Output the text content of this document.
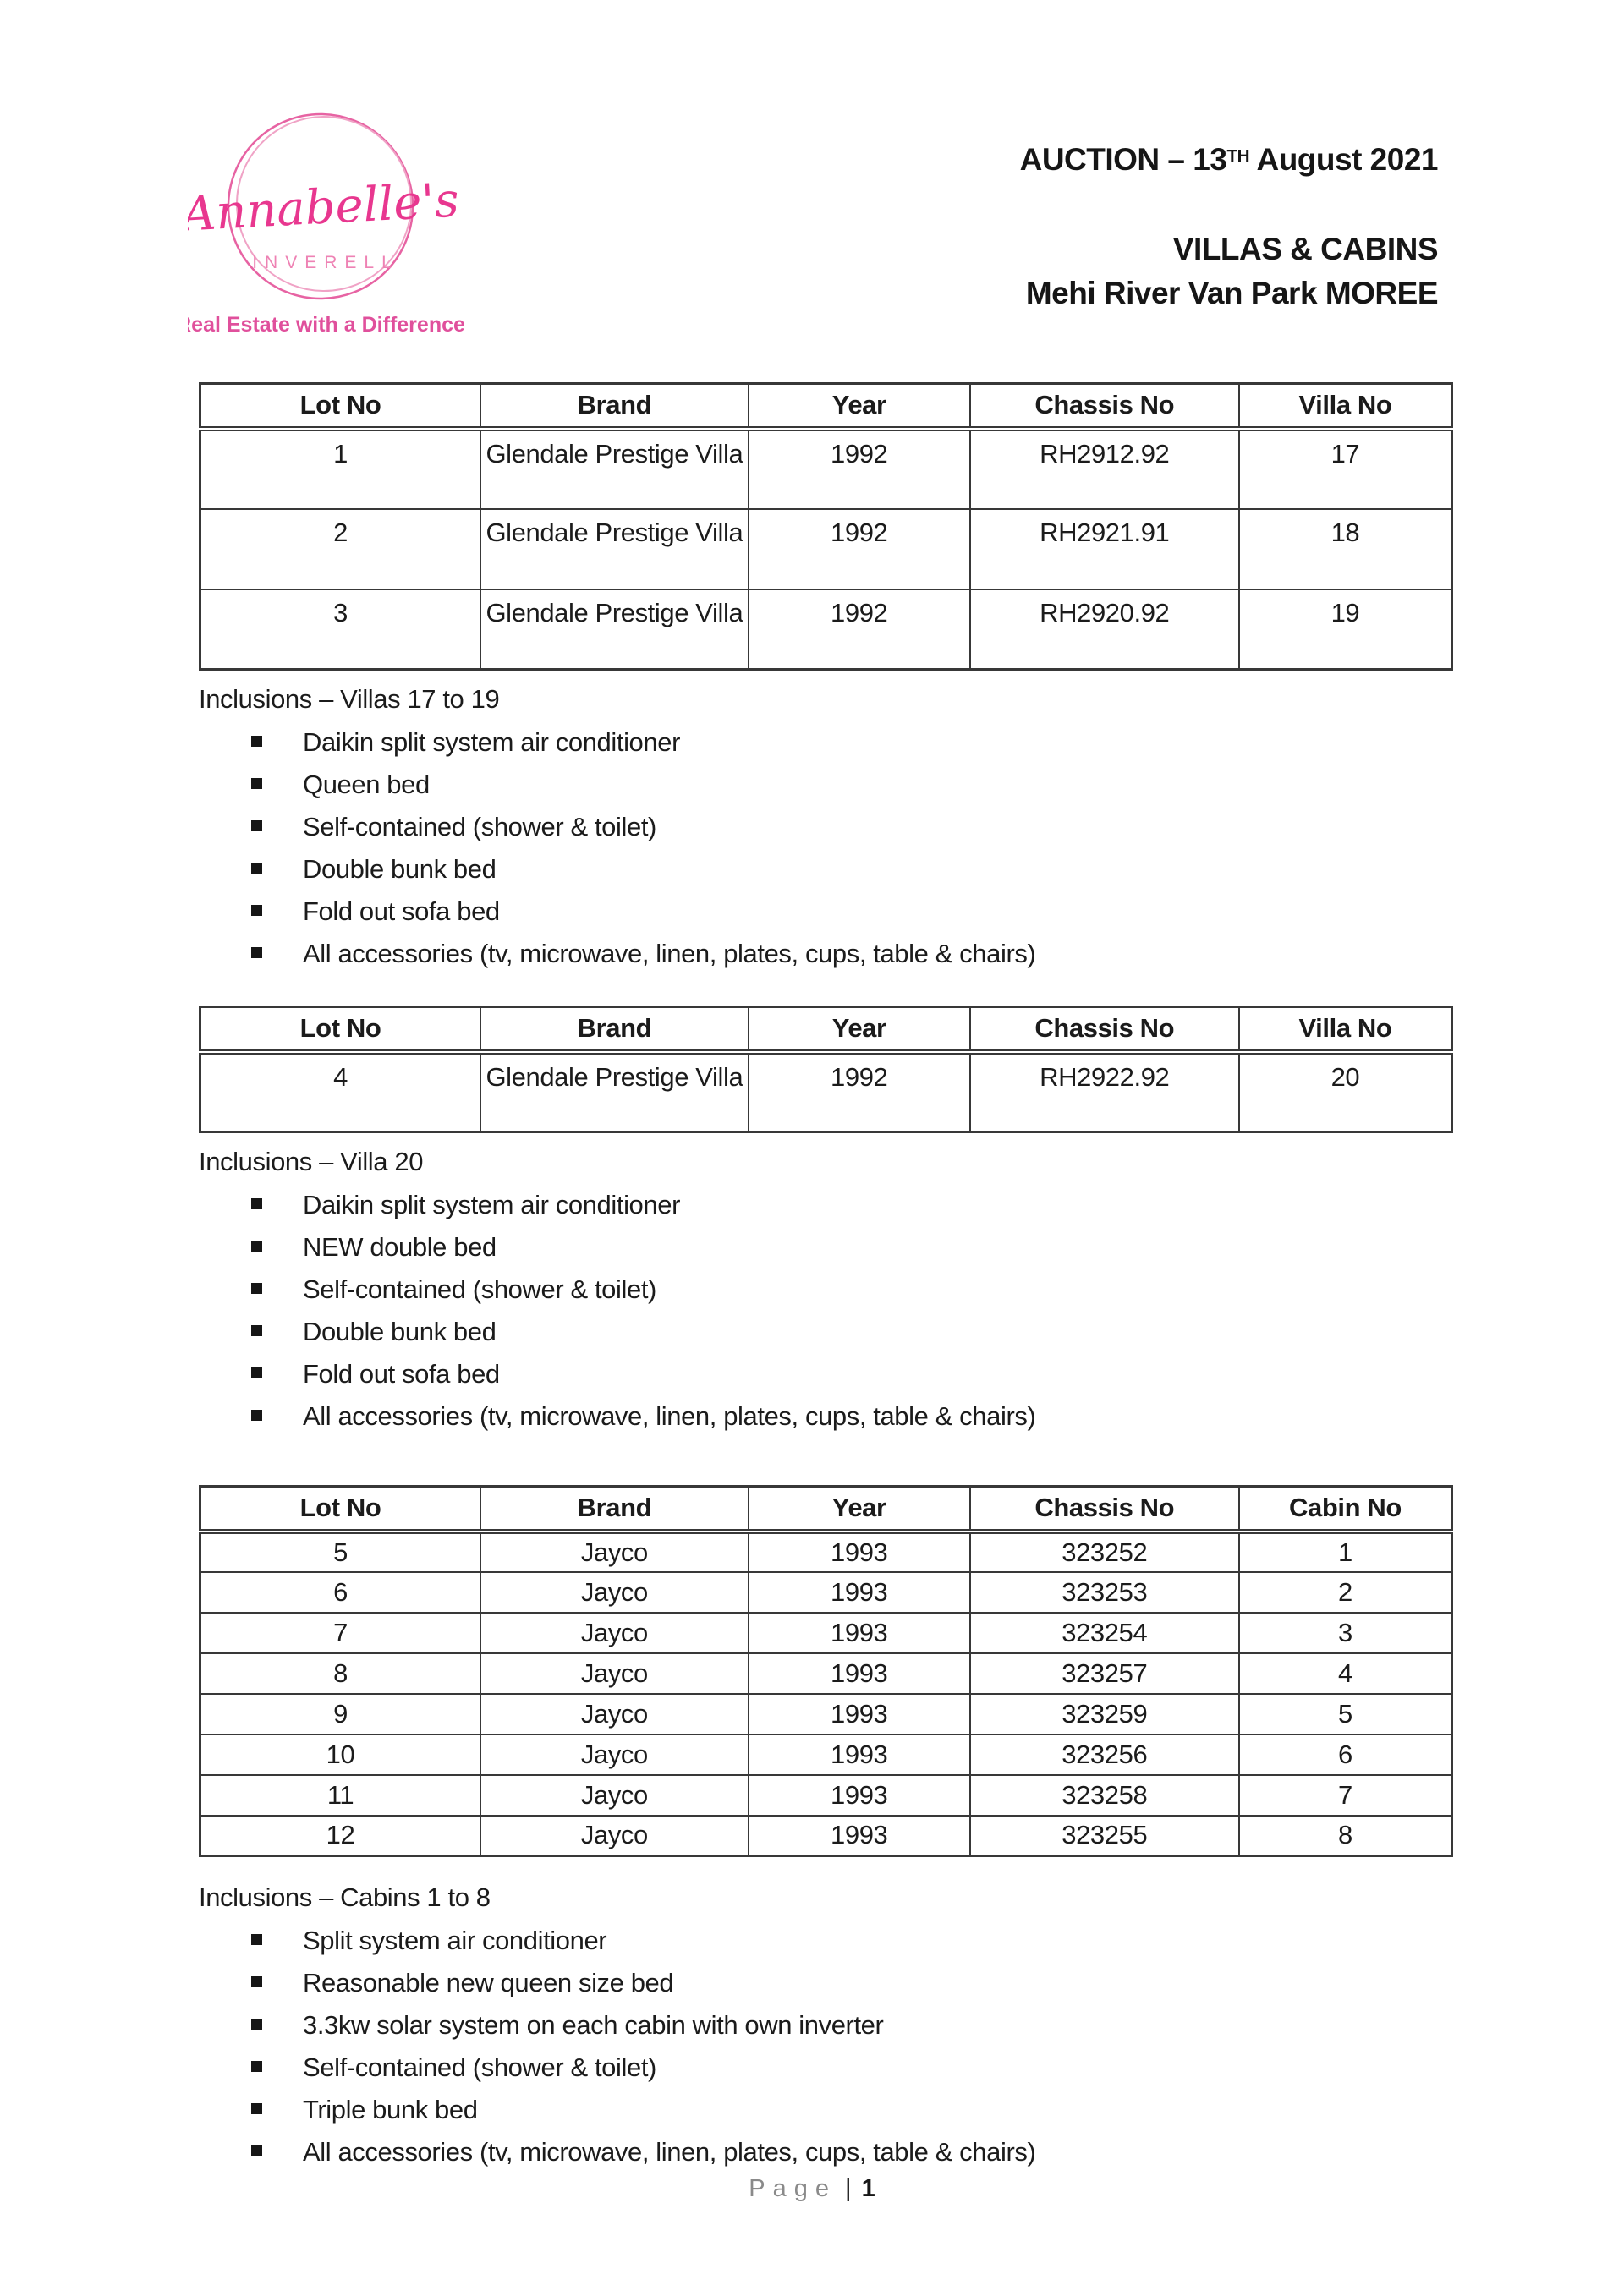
Annabelle's
INVERELL
Real Estate with a Difference
AUCTION – 13TH August 2021
VILLAS & CABINS
Mehi River Van Park MOREE
Lot No	Brand	Year	Chassis No	Villa No
1	Glendale Prestige Villa	1992	RH2912.92	17
2	Glendale Prestige Villa	1992	RH2921.91	18
3	Glendale Prestige Villa	1992	RH2920.92	19
Inclusions – Villas 17 to 19
Daikin split system air conditioner
Queen bed
Self-contained (shower & toilet)
Double bunk bed
Fold out sofa bed
All accessories (tv, microwave, linen, plates, cups, table & chairs)
Lot No	Brand	Year	Chassis No	Villa No
4	Glendale Prestige Villa	1992	RH2922.92	20
Inclusions – Villa 20
Daikin split system air conditioner
NEW double bed
Self-contained (shower & toilet)
Double bunk bed
Fold out sofa bed
All accessories (tv, microwave, linen, plates, cups, table & chairs)
Lot No	Brand	Year	Chassis No	Cabin No
5	Jayco	1993	323252	1
6	Jayco	1993	323253	2
7	Jayco	1993	323254	3
8	Jayco	1993	323257	4
9	Jayco	1993	323259	5
10	Jayco	1993	323256	6
11	Jayco	1993	323258	7
12	Jayco	1993	323255	8
Inclusions – Cabins 1 to 8
Split system air conditioner
Reasonable new queen size bed
3.3kw solar system on each cabin with own inverter
Self-contained (shower & toilet)
Triple bunk bed
All accessories (tv, microwave, linen, plates, cups, table & chairs)
Page | 1
